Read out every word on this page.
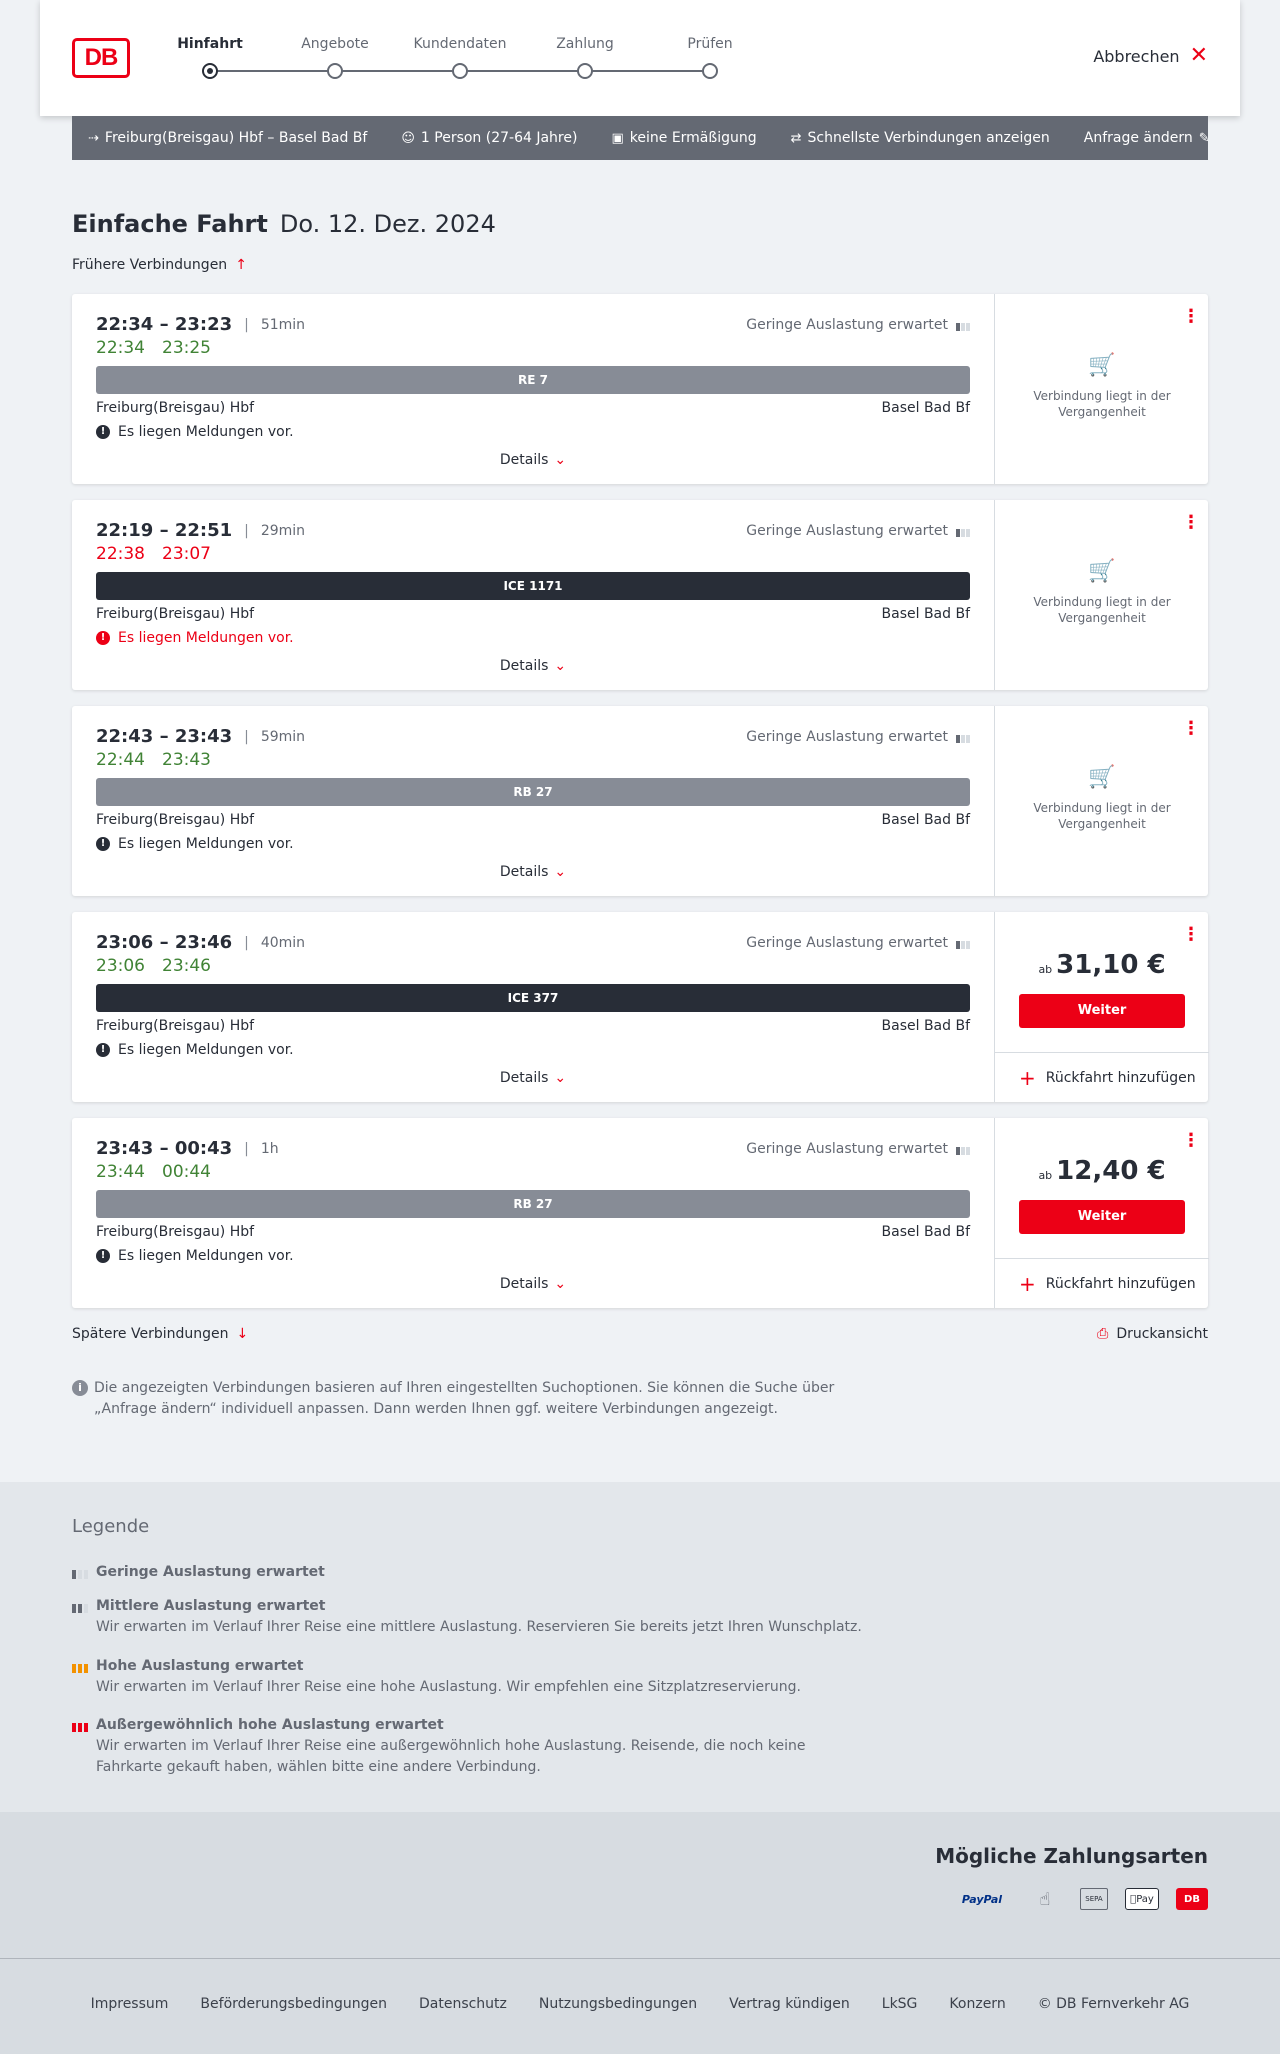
DB	Hinfahrt	Angebote	Kundendaten	Zahlung	Prüfen
Abbrechen ✕
⇢ Freiburg(Breisgau) Hbf – Basel Bad Bf	☺ 1 Person (27-64 Jahre)	▣ keine Ermäßigung	⇄ Schnellste Verbindungen anzeigen Anfrage ändern ✎
Einfache Fahrt Do. 12. Dez. 2024
Frühere Verbindungen ↑
22:34 – 23:23 | 51min
22:34 23:25
Geringe Auslastung erwartet
RE 7
Freiburg(Breisgau) Hbf	Basel Bad Bf
! Es liegen Meldungen vor.
Details ⌄
⋮
🛒
Verbindung liegt in der Vergangenheit
22:19 – 22:51 | 29min
22:38 23:07
Geringe Auslastung erwartet
ICE 1171
Freiburg(Breisgau) Hbf	Basel Bad Bf
! Es liegen Meldungen vor.
Details ⌄
⋮
🛒
Verbindung liegt in der Vergangenheit
22:43 – 23:43 | 59min
22:44 23:43
Geringe Auslastung erwartet
RB 27
Freiburg(Breisgau) Hbf	Basel Bad Bf
! Es liegen Meldungen vor.
Details ⌄
⋮
🛒
Verbindung liegt in der Vergangenheit
23:06 – 23:46 | 40min
23:06 23:46
Geringe Auslastung erwartet
ICE 377
Freiburg(Breisgau) Hbf	Basel Bad Bf
! Es liegen Meldungen vor.
Details ⌄
⋮
ab 31,10 €
Weiter
+ Rückfahrt hinzufügen
23:43 – 00:43 | 1h
23:44 00:44
Geringe Auslastung erwartet
RB 27
Freiburg(Breisgau) Hbf	Basel Bad Bf
! Es liegen Meldungen vor.
Details ⌄
⋮
ab 12,40 €
Weiter
+ Rückfahrt hinzufügen
Spätere Verbindungen ↓	⎙ Druckansicht
i Die angezeigten Verbindungen basieren auf Ihren eingestellten Suchoptionen. Sie können die Suche über „Anfrage ändern“ individuell anpassen. Dann werden Ihnen ggf. weitere Verbindungen angezeigt.
Legende
Geringe Auslastung erwartet
Mittlere Auslastung erwartet
Wir erwarten im Verlauf Ihrer Reise eine mittlere Auslastung. Reservieren Sie bereits jetzt Ihren Wunschplatz.
Hohe Auslastung erwartet
Wir erwarten im Verlauf Ihrer Reise eine hohe Auslastung. Wir empfehlen eine Sitzplatzreservierung.
Außergewöhnlich hohe Auslastung erwartet
Wir erwarten im Verlauf Ihrer Reise eine außergewöhnlich hohe Auslastung. Reisende, die noch keine Fahrkarte gekauft haben, wählen bitte eine andere Verbindung.
Mögliche Zahlungsarten
PayPal	☝	SEPA	Pay	DB
Impressum Beförderungsbedingungen Datenschutz Nutzungsbedingungen Vertrag kündigen LkSG Konzern © DB Fernverkehr AG
